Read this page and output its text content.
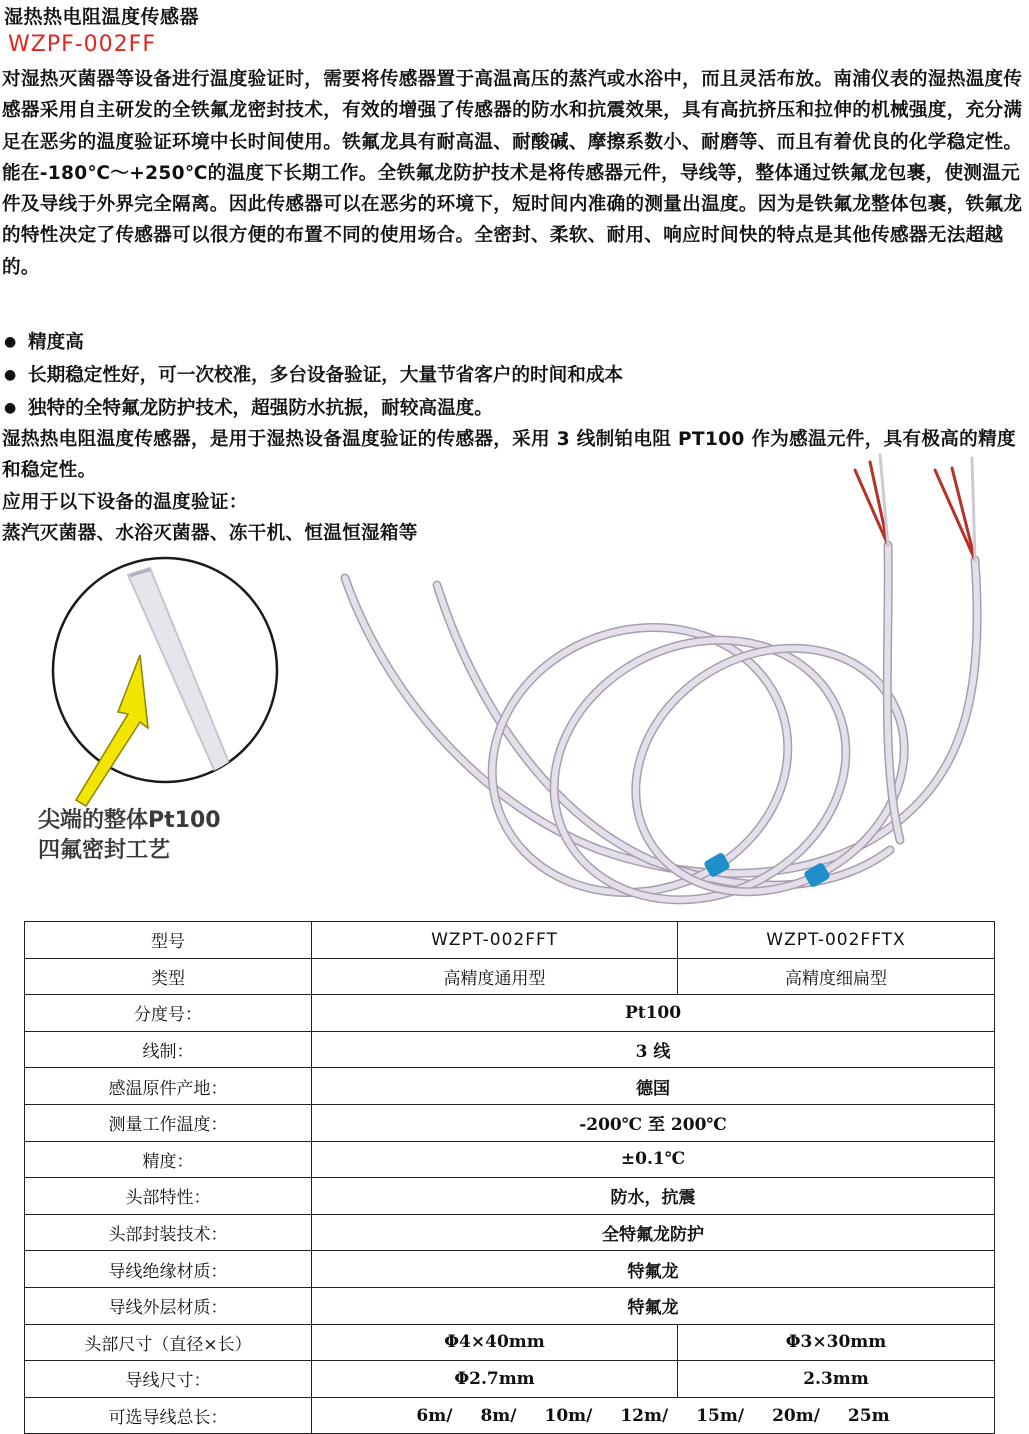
湿热热电阻温度传感器
WZPF-002FF

对湿热灭菌器等设备进行温度验证时，需要将传感器置于高温高压的蒸汽或水浴中，而且灵活布放。南浦仪表的湿热温度传感器采用自主研发的全铁氟龙密封技术，有效的增强了传感器的防水和抗震效果，具有高抗挤压和拉伸的机械强度，充分满足在恶劣的温度验证环境中长时间使用。铁氟龙具有耐高温、耐酸碱、摩擦系数小、耐磨等、而且有着优良的化学稳定性。能在-180℃～+250℃的温度下长期工作。全铁氟龙防护技术是将传感器元件，导线等，整体通过铁氟龙包裹，使测温元件及导线于外界完全隔离。因此传感器可以在恶劣的环境下，短时间内准确的测量出温度。因为是铁氟龙整体包裹，铁氟龙的特性决定了传感器可以很方便的布置不同的使用场合。全密封、柔软、耐用、响应时间快的特点是其他传感器无法超越的。

● 精度高
● 长期稳定性好，可一次校准，多台设备验证，大量节省客户的时间和成本
● 独特的全特氟龙防护技术，超强防水抗振，耐较高温度。
湿热热电阻温度传感器，是用于湿热设备温度验证的传感器，采用 3 线制铂电阻 PT100 作为感温元件，具有极高的精度和稳定性。
应用于以下设备的温度验证：
蒸汽灭菌器、水浴灭菌器、冻干机、恒温恒湿箱等
尖端的整体Pt100
四氟密封工艺
型号	WZPT-002FFT	WZPT-002FFTX
类型	高精度通用型	高精度细扁型
分度号：	Pt100	
线制：	3 线	
感温原件产地：	德国	
测量工作温度：	-200℃ 至 200℃	
精度：	±0.1℃	
头部特性：	防水，抗震	
头部封装技术：	全特氟龙防护	
导线绝缘材质：	特氟龙	
导线外层材质：	特氟龙	
头部尺寸（直径×长）	Φ4×40mm	Φ3×30mm
导线尺寸：	Φ2.7mm	2.3mm
可选导线总长：	6m/ 8m/ 10m/ 12m/ 15m/ 20m/ 25m	
